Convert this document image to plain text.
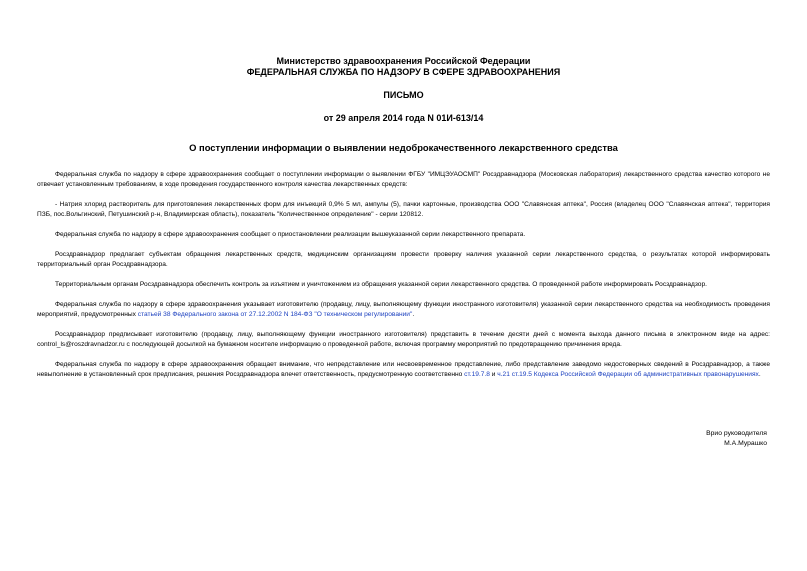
Министерство здравоохранения Российской Федерации
ФЕДЕРАЛЬНАЯ СЛУЖБА ПО НАДЗОРУ В СФЕРЕ ЗДРАВООХРАНЕНИЯ
ПИСЬМО
от 29 апреля 2014 года N 01И-613/14
О поступлении информации о выявлении недоброкачественного лекарственного средства

Федеральная служба по надзору в сфере здравоохранения сообщает о поступлении информации о выявлении ФГБУ "ИМЦЭУАОСМП" Росздравнадзора (Московская лаборатория) лекарственного средства качество которого не отвечает установленным требованиям, в ходе проведения государственного контроля качества лекарственных средств:

- Натрия хлорид растворитель для приготовления лекарственных форм для инъекций 0,9% 5 мл, ампулы (5), пачки картонные, производства ООО "Славянская аптека", Россия (владелец ООО "Славянская аптека", территория ПЗБ, пос.Вольгинский, Петушинский р-н, Владимирская область), показатель "Количественное определение" - серии 120812.

Федеральная служба по надзору в сфере здравоохранения сообщает о приостановлении реализации вышеуказанной серии лекарственного препарата.

Росздравнадзор предлагает субъектам обращения лекарственных средств, медицинским организациям провести проверку наличия указанной серии лекарственного средства, о результатах которой информировать территориальный орган Росздравнадзора.

Территориальным органам Росздравнадзора обеспечить контроль за изъятием и уничтожением из обращения указанной серии лекарственного средства. О проведенной работе информировать Росздравнадзор.

Федеральная служба по надзору в сфере здравоохранения указывает изготовителю (продавцу, лицу, выполняющему функции иностранного изготовителя) указанной серии лекарственного средства на необходимость проведения мероприятий, предусмотренных статьей 38 Федерального закона от 27.12.2002 N 184-ФЗ "О техническом регулировании".

Росздравнадзор предписывает изготовителю (продавцу, лицу, выполняющему функции иностранного изготовителя) представить в течение десяти дней с момента выхода данного письма в электронном виде на адрес: control_ls@roszdravnadzor.ru с последующей досылкой на бумажном носителе информацию о проведенной работе, включая программу мероприятий по предотвращению причинения вреда.

Федеральная служба по надзору в сфере здравоохранения обращает внимание, что непредставление или несвоевременное представление, либо представление заведомо недостоверных сведений в Росздравнадзор, а также невыполнение в установленный срок предписания, решения Росздравнадзора влечет ответственность, предусмотренную соответственно ст.19.7.8 и ч.21 ст.19.5 Кодекса Российской Федерации об административных правонарушениях.

Врио руководителя
М.А.Мурашко
